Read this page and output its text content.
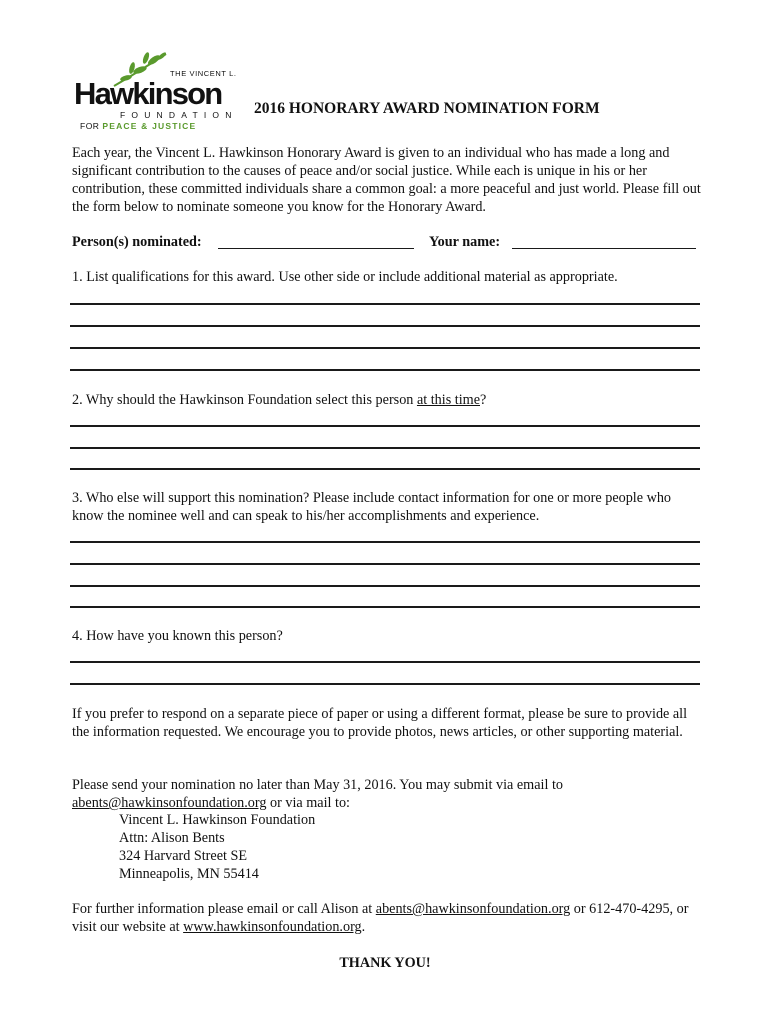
THE VINCENT L.
Hawkinson
FOUNDATION
FOR PEACE & JUSTICE
2016 HONORARY AWARD NOMINATION FORM
Each year, the Vincent L. Hawkinson Honorary Award is given to an individual who has made a long and significant contribution to the causes of peace and/or social justice. While each is unique in his or her contribution, these committed individuals share a common goal: a more peaceful and just world. Please fill out the form below to nominate someone you know for the Honorary Award.
Person(s) nominated:	Your name:
1. List qualifications for this award. Use other side or include additional material as appropriate.
2. Why should the Hawkinson Foundation select this person at this time?
3. Who else will support this nomination? Please include contact information for one or more people who know the nominee well and can speak to his/her accomplishments and experience.
4. How have you known this person?
If you prefer to respond on a separate piece of paper or using a different format, please be sure to provide all the information requested. We encourage you to provide photos, news articles, or other supporting material.
Please send your nomination no later than May 31, 2016. You may submit via email to
abents@hawkinsonfoundation.org or via mail to:
Vincent L. Hawkinson Foundation
Attn: Alison Bents
324 Harvard Street SE
Minneapolis, MN 55414
For further information please email or call Alison at abents@hawkinsonfoundation.org or 612-470-4295, or visit our website at www.hawkinsonfoundation.org.
THANK YOU!
